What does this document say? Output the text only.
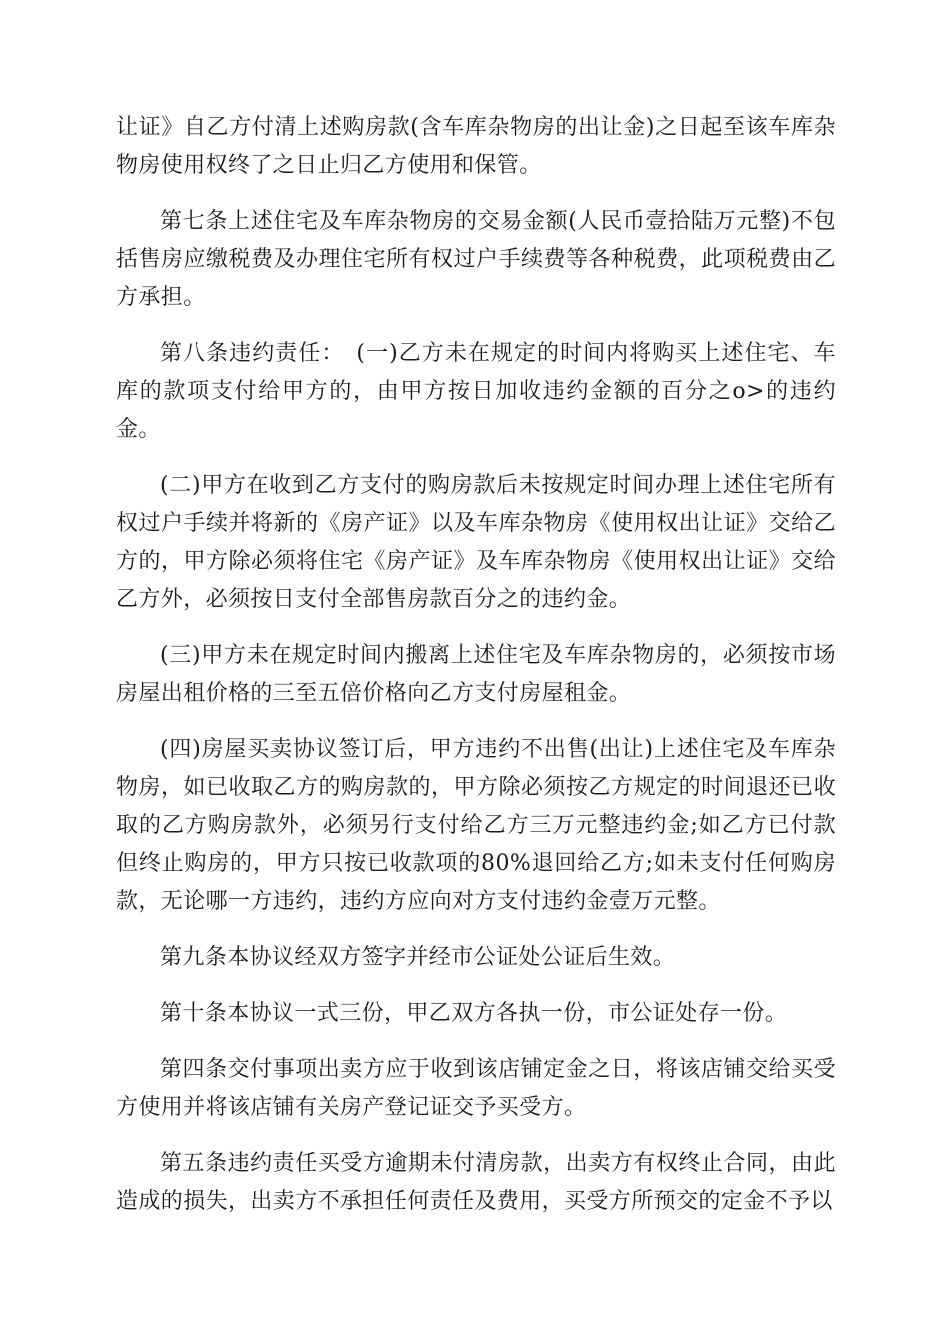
让证》自乙方付清上述购房款(含车库杂物房的出让金)之日起至该车库杂物房使用权终了之日止归乙方使用和保管。

第七条上述住宅及车库杂物房的交易金额(人民币壹拾陆万元整)不包括售房应缴税费及办理住宅所有权过户手续费等各种税费，此项税费由乙方承担。

第八条违约责任：　(一)乙方未在规定的时间内将购买上述住宅、车库的款项支付给甲方的，由甲方按日加收违约金额的百分之o>的违约金。

(二)甲方在收到乙方支付的购房款后未按规定时间办理上述住宅所有权过户手续并将新的《房产证》以及车库杂物房《使用权出让证》交给乙方的，甲方除必须将住宅《房产证》及车库杂物房《使用权出让证》交给乙方外，必须按日支付全部售房款百分之的违约金。

(三)甲方未在规定时间内搬离上述住宅及车库杂物房的，必须按市场房屋出租价格的三至五倍价格向乙方支付房屋租金。

(四)房屋买卖协议签订后，甲方违约不出售(出让)上述住宅及车库杂物房，如已收取乙方的购房款的，甲方除必须按乙方规定的时间退还已收取的乙方购房款外，必须另行支付给乙方三万元整违约金;如乙方已付款但终止购房的，甲方只按已收款项的80%退回给乙方;如未支付任何购房款，无论哪一方违约，违约方应向对方支付违约金壹万元整。

第九条本协议经双方签字并经市公证处公证后生效。

第十条本协议一式三份，甲乙双方各执一份，市公证处存一份。

第四条交付事项出卖方应于收到该店铺定金之日，将该店铺交给买受方使用并将该店铺有关房产登记证交予买受方。

第五条违约责任买受方逾期未付清房款，出卖方有权终止合同，由此造成的损失，出卖方不承担任何责任及费用，买受方所预交的定金不予以
